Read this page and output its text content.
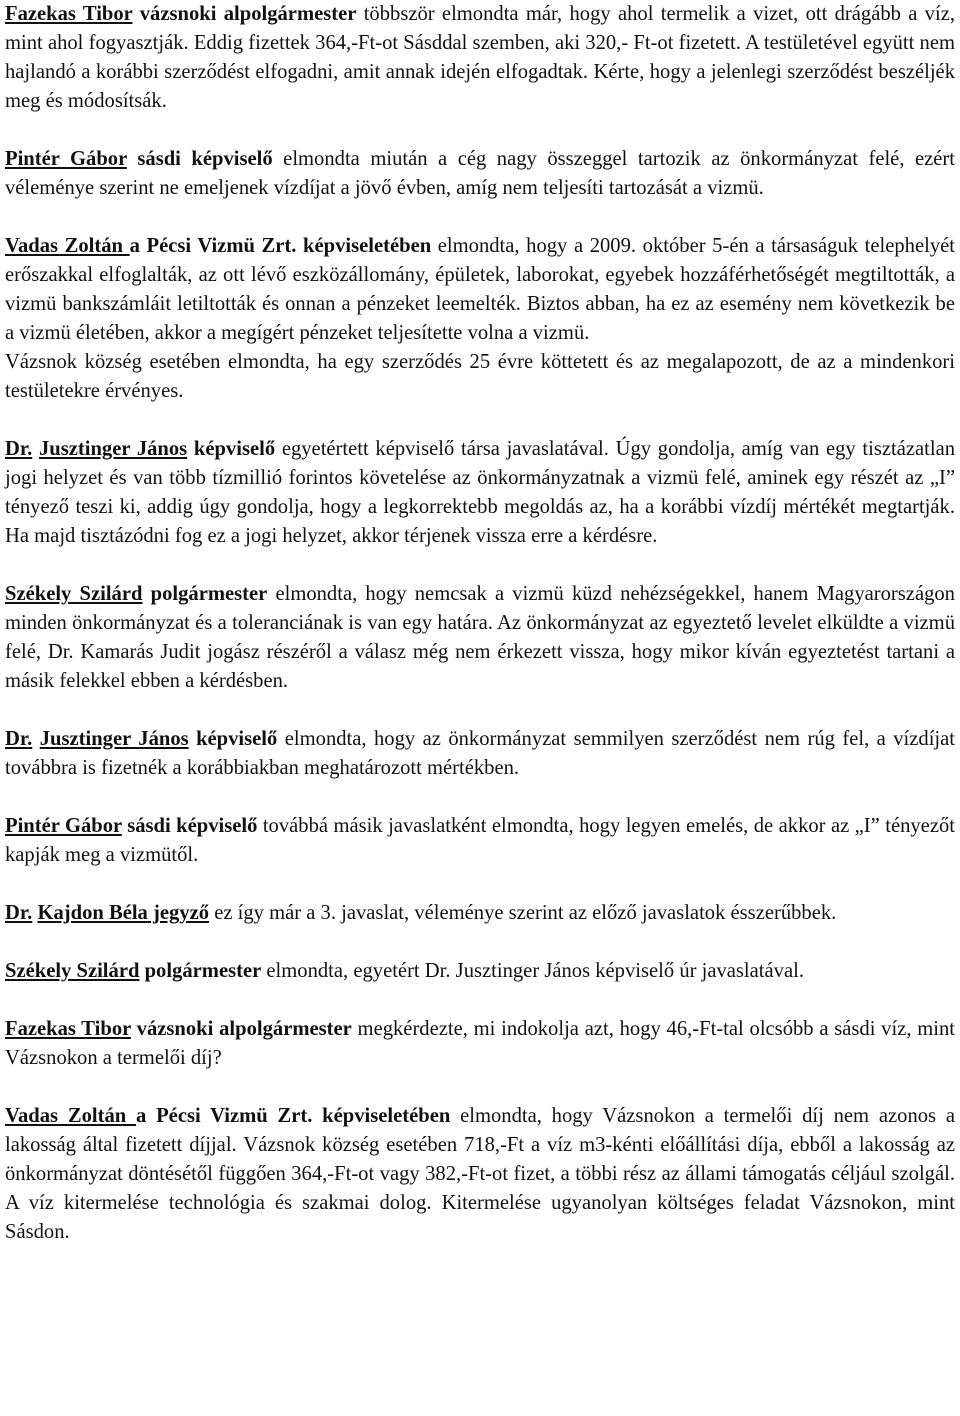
Fazekas Tibor vázsnoki alpolgármester többször elmondta már, hogy ahol termelik a vizet, ott drágább a víz, mint ahol fogyasztják. Eddig fizettek 364,-Ft-ot Sásddal szemben, aki 320,- Ft-ot fizetett. A testületével együtt nem hajlandó a korábbi szerződést elfogadni, amit annak idején elfogadtak. Kérte, hogy a jelenlegi szerződést beszéljék meg és módosítsák.

Pintér Gábor sásdi képviselő elmondta miután a cég nagy összeggel tartozik az önkormányzat felé, ezért véleménye szerint ne emeljenek vízdíjat a jövő évben, amíg nem teljesíti tartozását a vizmü.

Vadas Zoltán a Pécsi Vizmü Zrt. képviseletében elmondta, hogy a 2009. október 5-én a társaságuk telephelyét erőszakkal elfoglalták, az ott lévő eszközállomány, épületek, laborokat, egyebek hozzáférhetőségét megtiltották, a vizmü bankszámláit letiltották és onnan a pénzeket leemelték. Biztos abban, ha ez az esemény nem következik be a vizmü életében, akkor a megígért pénzeket teljesítette volna a vizmü.

Vázsnok község esetében elmondta, ha egy szerződés 25 évre köttetett és az megalapozott, de az a mindenkori testületekre érvényes.

Dr. Jusztinger János képviselő egyetértett képviselő társa javaslatával. Úgy gondolja, amíg van egy tisztázatlan jogi helyzet és van több tízmillió forintos követelése az önkormányzatnak a vizmü felé, aminek egy részét az „I” tényező teszi ki, addig úgy gondolja, hogy a legkorrektebb megoldás az, ha a korábbi vízdíj mértékét megtartják. Ha majd tisztázódni fog ez a jogi helyzet, akkor térjenek vissza erre a kérdésre.

Székely Szilárd polgármester elmondta, hogy nemcsak a vizmü küzd nehézségekkel, hanem Magyarországon minden önkormányzat és a toleranciának is van egy határa. Az önkormányzat az egyeztető levelet elküldte a vizmü felé, Dr. Kamarás Judit jogász részéről a válasz még nem érkezett vissza, hogy mikor kíván egyeztetést tartani a másik felekkel ebben a kérdésben.

Dr. Jusztinger János képviselő elmondta, hogy az önkormányzat semmilyen szerződést nem rúg fel, a vízdíjat továbbra is fizetnék a korábbiakban meghatározott mértékben.

Pintér Gábor sásdi képviselő továbbá másik javaslatként elmondta, hogy legyen emelés, de akkor az „I” tényezőt kapják meg a vizmütől.

Dr. Kajdon Béla jegyző ez így már a 3. javaslat, véleménye szerint az előző javaslatok ésszerűbbek.

Székely Szilárd polgármester elmondta, egyetért Dr. Jusztinger János képviselő úr javaslatával.

Fazekas Tibor vázsnoki alpolgármester megkérdezte, mi indokolja azt, hogy 46,-Ft-tal olcsóbb a sásdi víz, mint Vázsnokon a termelői díj?

Vadas Zoltán a Pécsi Vizmü Zrt. képviseletében elmondta, hogy Vázsnokon a termelői díj nem azonos a lakosság által fizetett díjjal. Vázsnok község esetében 718,-Ft a víz m3-kénti előállítási díja, ebből a lakosság az önkormányzat döntésétől függően 364,-Ft-ot vagy 382,-Ft-ot fizet, a többi rész az állami támogatás céljául szolgál. A víz kitermelése technológia és szakmai dolog. Kitermelése ugyanolyan költséges feladat Vázsnokon, mint Sásdon.
